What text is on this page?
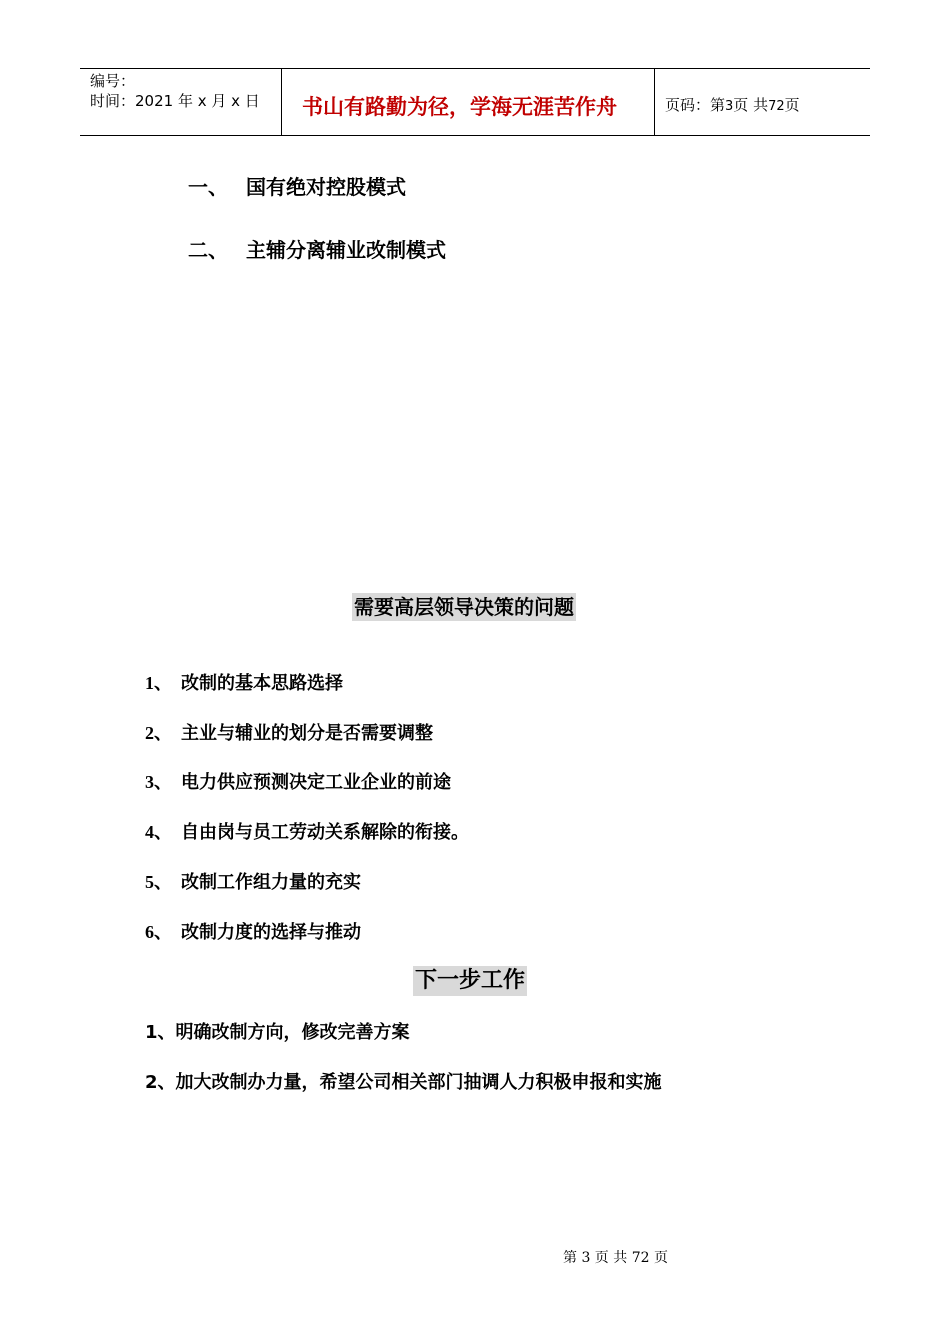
编号：
时间：2021 年 x 月 x 日	书山有路勤为径，学海无涯苦作舟	页码：第3页 共72页
一、 国有绝对控股模式
二、 主辅分离辅业改制模式
需要高层领导决策的问题
1、 改制的基本思路选择
2、 主业与辅业的划分是否需要调整
3、 电力供应预测决定工业企业的前途
4、 自由岗与员工劳动关系解除的衔接。
5、 改制工作组力量的充实
6、 改制力度的选择与推动
下一步工作
1、明确改制方向，修改完善方案
2、加大改制办力量，希望公司相关部门抽调人力积极申报和实施
第 3 页 共 72 页
